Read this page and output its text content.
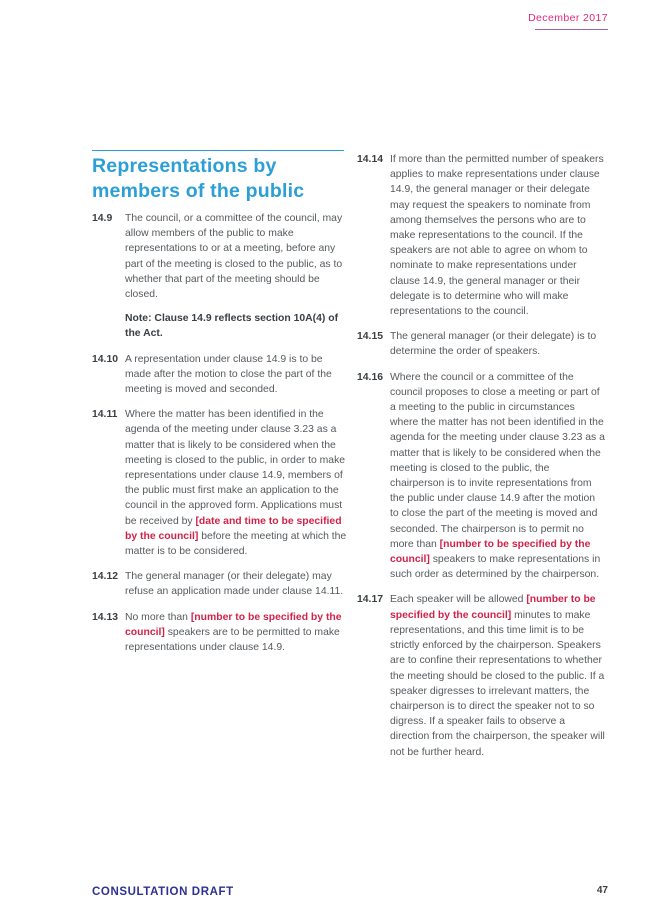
December 2017
Representations by members of the public
14.9	The council, or a committee of the council, may allow members of the public to make representations to or at a meeting, before any part of the meeting is closed to the public, as to whether that part of the meeting should be closed.

Note: Clause 14.9 reflects section 10A(4) of the Act.

14.10 A representation under clause 14.9 is to be made after the motion to close the part of the meeting is moved and seconded.

14.11 Where the matter has been identified in the agenda of the meeting under clause 3.23 as a matter that is likely to be considered when the meeting is closed to the public, in order to make representations under clause 14.9, members of the public must first make an application to the council in the approved form. Applications must be received by [date and time to be specified by the council] before the meeting at which the matter is to be considered.

14.12 The general manager (or their delegate) may refuse an application made under clause 14.11.

14.13 No more than [number to be specified by the council] speakers are to be permitted to make representations under clause 14.9.

14.14 If more than the permitted number of speakers applies to make representations under clause 14.9, the general manager or their delegate may request the speakers to nominate from among themselves the persons who are to make representations to the council. If the speakers are not able to agree on whom to nominate to make representations under clause 14.9, the general manager or their delegate is to determine who will make representations to the council.

14.15 The general manager (or their delegate) is to determine the order of speakers.

14.16 Where the council or a committee of the council proposes to close a meeting or part of a meeting to the public in circumstances where the matter has not been identified in the agenda for the meeting under clause 3.23 as a matter that is likely to be considered when the meeting is closed to the public, the chairperson is to invite representations from the public under clause 14.9 after the motion to close the part of the meeting is moved and seconded. The chairperson is to permit no more than [number to be specified by the council] speakers to make representations in such order as determined by the chairperson.

14.17 Each speaker will be allowed [number to be specified by the council] minutes to make representations, and this time limit is to be strictly enforced by the chairperson. Speakers are to confine their representations to whether the meeting should be closed to the public. If a speaker digresses to irrelevant matters, the chairperson is to direct the speaker not to so digress. If a speaker fails to observe a direction from the chairperson, the speaker will not be further heard.

CONSULTATION DRAFT	47
